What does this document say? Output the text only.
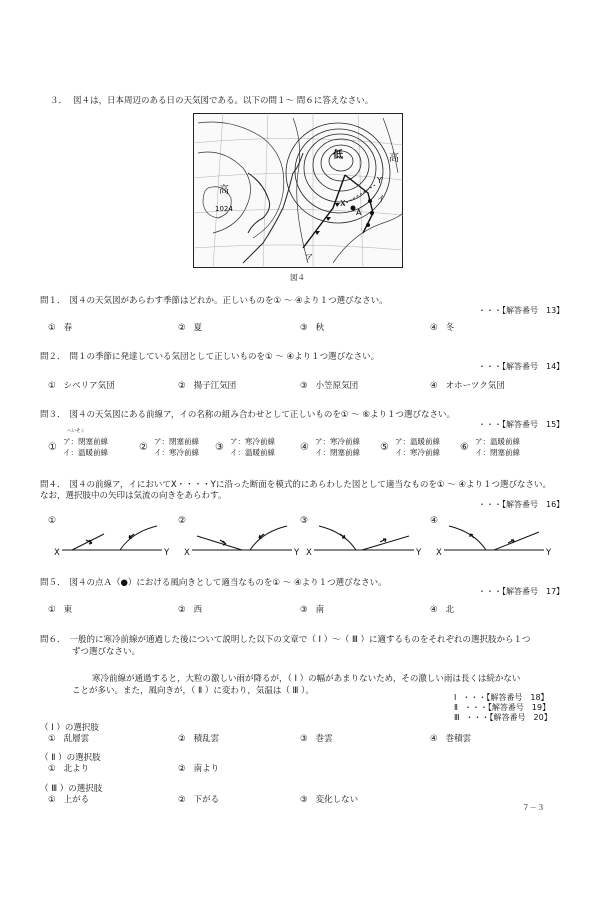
３． 図４は，日本周辺のある日の天気図である。以下の問１～ 問６に答えなさい。
低	高
高
1024
X
Y
A
イ
ア
図４
問１． 図４の天気図があらわす季節はどれか。正しいものを① ～ ④より１つ選びなさい。
・・・【解答番号　13】
① 春	② 夏	③ 秋	④ 冬
問２． 問１の季節に発達している気団として正しいものを① ～ ④より１つ選びなさい。
・・・【解答番号　14】
① シベリア気団	② 揚子江気団	③ 小笠原気団	④ オホーツク気団
問３． 図４の天気図にある前線ア，イの名称の組み合わせとして正しいものを① ～ ⑥より１つ選びなさい。
・・・【解答番号　15】
へいそく
①
ア：閉塞前線
イ：温暖前線	②
ア：閉塞前線
イ：寒冷前線 ③
ア：寒冷前線
イ：温暖前線	④
ア：寒冷前線
イ：閉塞前線 ⑤
ア：温暖前線
イ：寒冷前線 ⑥
ア：温暖前線
イ：閉塞前線
問４． 図４の前線ア，イにおいてX・・・・Yに沿った断面を模式的にあらわした図として適当なものを① ～ ④より１つ選びなさい。
なお，選択肢中の矢印は気流の向きをあらわす。
・・・【解答番号　16】
①
X	Y
②
X	Y
③
X	Y
④
X	Y
問５． 図４の点Ａ（●）における風向きとして適当なものを① ～ ④より１つ選びなさい。
・・・【解答番号　17】
① 東	② 西	③ 南	④ 北
問６． 一般的に寒冷前線が通過した後について説明した以下の文章で（ Ⅰ ）～（ Ⅲ ）に適するものをそれぞれの選択肢から１つ
ずつ選びなさい。
寒冷前線が通過すると，大粒の激しい雨が降るが，（ Ⅰ ）の幅があまりないため，その激しい雨は長くは続かない
ことが多い。また，風向きが，（ Ⅱ ）に変わり，気温は（ Ⅲ ）。
Ⅰ ・・・【解答番号　18】
Ⅱ ・・・【解答番号　19】
Ⅲ ・・・【解答番号　20】
（ Ⅰ ）の選択肢
① 乱層雲	② 積乱雲	③ 巻雲	④ 巻積雲
（ Ⅱ ）の選択肢
① 北より	② 南より
（ Ⅲ ）の選択肢
① 上がる	② 下がる	③ 変化しない
７－３
